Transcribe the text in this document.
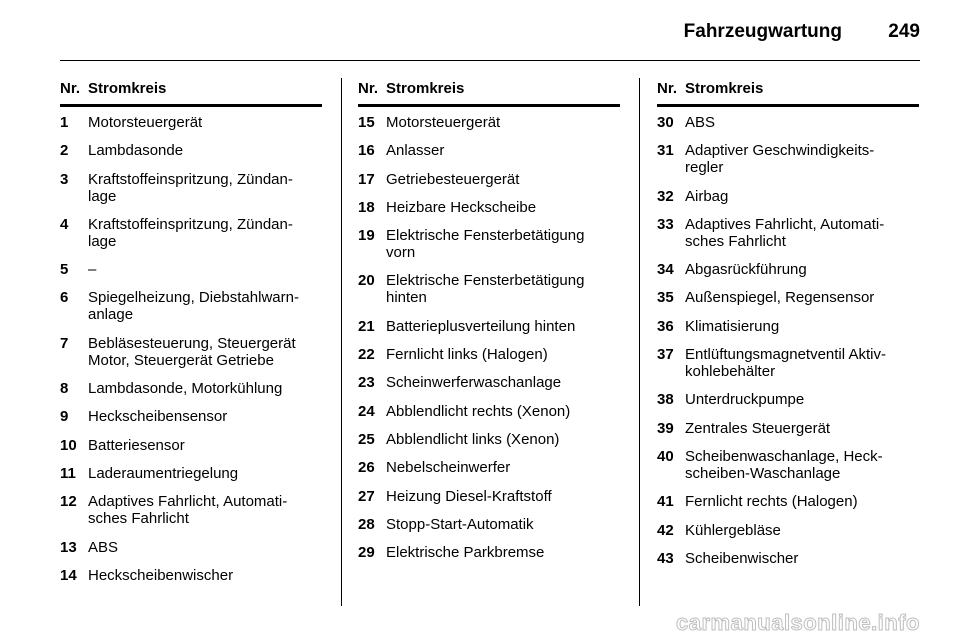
Fahrzeugwartung 249
Nr. Stromkreis
1	Motorsteuergerät
2	Lambdasonde
3	Kraftstoffeinspritzung, Zündan-
lage
4	Kraftstoffeinspritzung, Zündan-
lage
5	–
6	Spiegelheizung, Diebstahlwarn-
anlage
7	Bebläsesteuerung, Steuergerät
Motor, Steuergerät Getriebe
8	Lambdasonde, Motorkühlung
9	Heckscheibensensor
10 Batteriesensor
11 Laderaumentriegelung
12 Adaptives Fahrlicht, Automati-
sches Fahrlicht
13 ABS
14 Heckscheibenwischer
Nr. Stromkreis
15 Motorsteuergerät
16 Anlasser
17 Getriebesteuergerät
18 Heizbare Heckscheibe
19 Elektrische Fensterbetätigung
vorn
20 Elektrische Fensterbetätigung
hinten
21 Batterieplusverteilung hinten
22 Fernlicht links (Halogen)
23 Scheinwerferwaschanlage
24 Abblendlicht rechts (Xenon)
25 Abblendlicht links (Xenon)
26 Nebelscheinwerfer
27 Heizung Diesel-Kraftstoff
28 Stopp-Start-Automatik
29 Elektrische Parkbremse
Nr. Stromkreis
30 ABS
31 Adaptiver Geschwindigkeits-
regler
32 Airbag
33 Adaptives Fahrlicht, Automati-
sches Fahrlicht
34 Abgasrückführung
35 Außenspiegel, Regensensor
36 Klimatisierung
37 Entlüftungsmagnetventil Aktiv-
kohlebehälter
38 Unterdruckpumpe
39 Zentrales Steuergerät
40 Scheibenwaschanlage, Heck-
scheiben-Waschanlage
41 Fernlicht rechts (Halogen)
42 Kühlergebläse
43 Scheibenwischer
carmanualsonline.info
